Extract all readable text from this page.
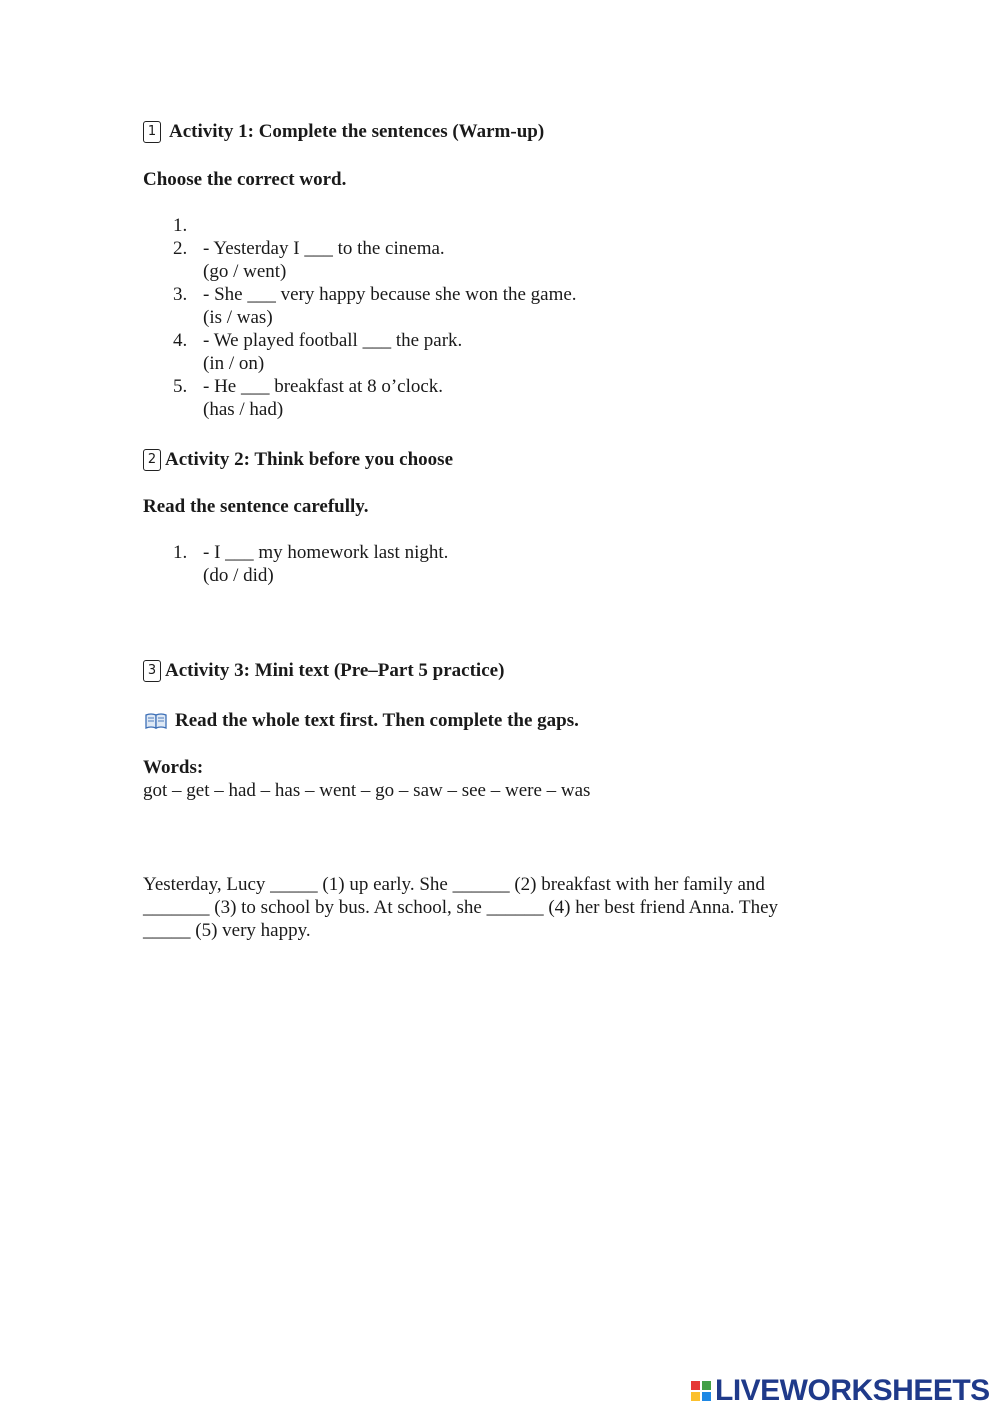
1 Activity 1: Complete the sentences (Warm-up)
Choose the correct word.
1.
2. - Yesterday I ___ to the cinema.
(go / went)
3. - She ___ very happy because she won the game.
(is / was)
4. - We played football ___ the park.
(in / on)
5. - He ___ breakfast at 8 o’clock.
(has / had)
2 Activity 2: Think before you choose
Read the sentence carefully.
1. - I ___ my homework last night.
(do / did)
3 Activity 3: Mini text (Pre–Part 5 practice)
Read the whole text first. Then complete the gaps.
Words:
got – get – had – has – went – go – saw – see – were – was
Yesterday, Lucy _____ (1) up early. She ______ (2) breakfast with her family and
_______ (3) to school by bus. At school, she ______ (4) her best friend Anna. They
_____ (5) very happy.
LIVEWORKSHEETS
